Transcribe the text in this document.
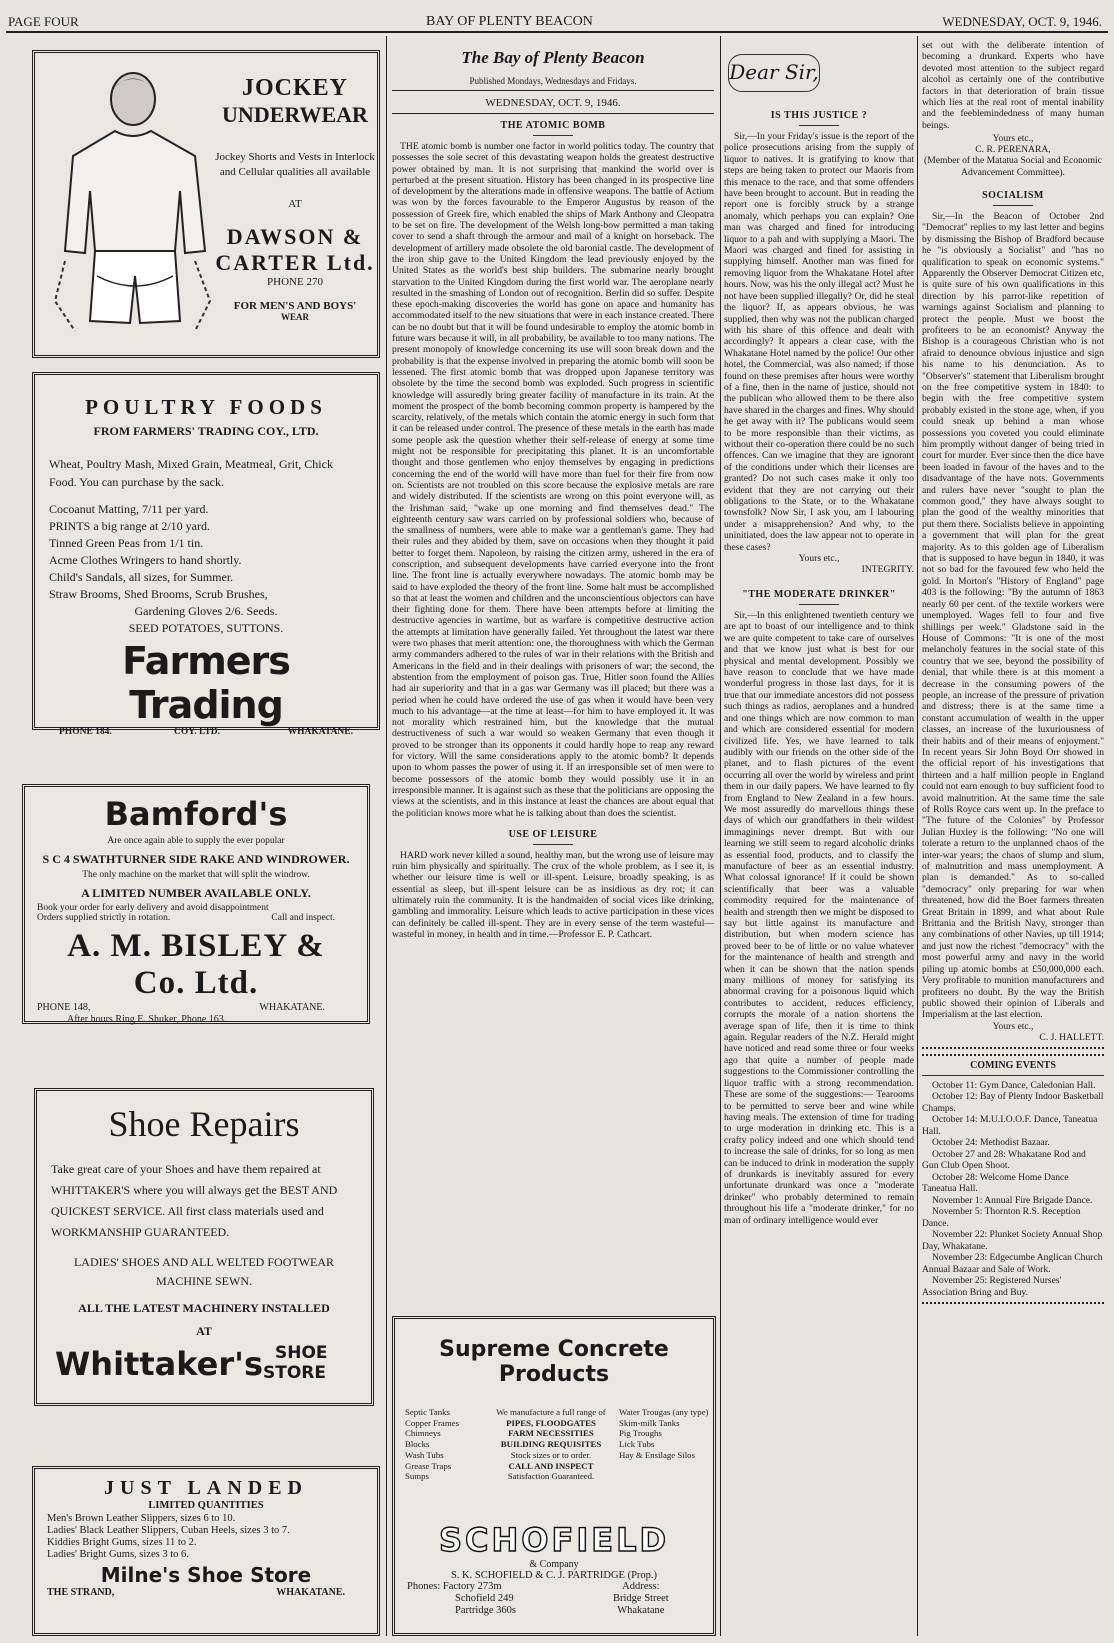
PAGE FOUR	BAY OF PLENTY BEACON	WEDNESDAY, OCT. 9, 1946.
JOCKEY
UNDERWEAR
Jockey Shorts and Vests in Interlock and Cellular qualities all available
AT
DAWSON &
CARTER Ltd.
PHONE 270
FOR MEN'S AND BOYS'
WEAR
POULTRY FOODS
FROM FARMERS' TRADING COY., LTD.
Wheat, Poultry Mash, Mixed Grain, Meatmeal, Grit, Chick Food. You can purchase by the sack.
Cocoanut Matting, 7/11 per yard.
PRINTS a big range at 2/10 yard.
Tinned Green Peas from 1/1 tin.
Acme Clothes Wringers to hand shortly.
Child's Sandals, all sizes, for Summer.
Straw Brooms, Shed Brooms, Scrub Brushes,
Gardening Gloves 2/6. Seeds.
SEED POTATOES, SUTTONS.
Farmers Trading
PHONE 184.	COY. LTD.	WHAKATANE.
Bamford's
Are once again able to supply the ever popular
S C 4 SWATHTURNER SIDE RAKE AND WINDROWER.
The only machine on the market that will split the windrow.
A LIMITED NUMBER AVAILABLE ONLY.
Book your order for early delivery and avoid disappointment
Orders supplied strictly in rotation.	Call and inspect.
A. M. BISLEY & Co. Ltd.
PHONE 148,	WHAKATANE.
After hours Ring E. Shuker, Phone 163.
Shoe Repairs
Take great care of your Shoes and have them repaired at WHITTAKER'S where you will always get the BEST AND QUICKEST SERVICE. All first class materials used and WORKMANSHIP GUARANTEED.
LADIES' SHOES AND ALL WELTED FOOTWEAR MACHINE SEWN.
ALL THE LATEST MACHINERY INSTALLED
AT
Whittaker's SHOE
STORE
JUST LANDED
LIMITED QUANTITIES
Men's Brown Leather Slippers, sizes 6 to 10.
Ladies' Black Leather Slippers, Cuban Heels, sizes 3 to 7.
Kiddies Bright Gums, sizes 11 to 2.
Ladies' Bright Gums, sizes 3 to 6.
Milne's Shoe Store
THE STRAND,	WHAKATANE.
The Bay of Plenty Beacon
Published Mondays, Wednesdays and Fridays.
WEDNESDAY, OCT. 9, 1946.
THE ATOMIC BOMB
THE atomic bomb is number one factor in world politics today. The country that possesses the sole secret of this devastating weapon holds the greatest destructive power obtained by man. It is not surprising that mankind the world over is perturbed at the present situation. History has been changed in its prospective line of development by the alterations made in offensive weapons. The battle of Actium was won by the forces favourable to the Emperor Augustus by reason of the possession of Greek fire, which enabled the ships of Mark Anthony and Cleopatra to be set on fire. The development of the Welsh long-bow permitted a man taking cover to send a shaft through the armour and mail of a knight on horseback. The development of artillery made obsolete the old baronial castle. The development of the iron ship gave to the United Kingdom the lead previously enjoyed by the United States as the world's best ship builders. The submarine nearly brought starvation to the United Kingdom during the first world war. The aeroplane nearly resulted in the smashing of London out of recognition. Berlin did so suffer. Despite these epoch-making discoveries the world has gone on apace and humanity has accommodated itself to the new situations that were in each instance created. There can be no doubt but that it will be found undesirable to employ the atomic bomb in future wars because it will, in all probability, be available to too many nations. The present monopoly of knowledge concerning its use will soon break down and the probability is that the expense involved in preparing the atomic bomb will soon be lessened. The first atomic bomb that was dropped upon Japanese territory was obsolete by the time the second bomb was exploded. Such progress in scientific knowledge will assuredly bring greater facility of manufacture in its train. At the moment the prospect of the bomb becoming common property is hampered by the scarcity, relatively, of the metals which contain the atomic energy in such form that it can be released under control. The presence of these metals in the earth has made some people ask the question whether their self-release of energy at some time might not be responsible for precipitating this planet. It is an uncomfortable thought and those gentlemen who enjoy themselves by engaging in predictions concerning the end of the world will have more than fuel for their fire from now on. Scientists are not troubled on this score because the explosive metals are rare and widely distributed. If the scientists are wrong on this point everyone will, as the Irishman said, "wake up one morning and find themselves dead." The eighteenth century saw wars carried on by professional soldiers who, because of the smallness of numbers, were able to make war a gentleman's game. They had their rules and they abided by them, save on occasions when they thought it paid better to forget them. Napoleon, by raising the citizen army, ushered in the era of conscription, and subsequent developments have carried everyone into the front line. The front line is actually everywhere nowadays. The atomic bomb may be said to have exploded the theory of the front line. Some halt must be accomplished so that at least the women and children and the unconscientious objectors can have their fighting done for them. There have been attempts before at limiting the destructive agencies in wartime, but as warfare is competitive destructive action the attempts at limitation have generally failed. Yet throughout the latest war there were two phases that merit attention: one, the thoroughness with which the German army commanders adhered to the rules of war in their relations with the British and Americans in the field and in their dealings with prisoners of war; the second, the abstention from the employment of poison gas. True, Hitler soon found the Allies had air superiority and that in a gas war Germany was ill placed; but there was a period when he could have ordered the use of gas when it would have been very much to his advantage—at the time at least—for him to have employed it. It was not morality which restrained him, but the knowledge that the mutual destructiveness of such a war would so weaken Germany that even though it proved to be stronger than its opponents it could hardly hope to reap any reward for victory. Will the same considerations apply to the atomic bomb? It depends upon to whom passes the power of using it. If an irresponsible set of men were to become possessors of the atomic bomb they would possibly use it in an irresponsible manner. It is against such as these that the politicians are opposing the views at the scientists, and in this instance at least the chances are about equal that the politician knows more what he is talking about than does the scientist.
USE OF LEISURE
HARD work never killed a sound, healthy man, but the wrong use of leisure may ruin him physically and spiritually. The crux of the whole problem, as I see it, is whether our leisure time is well or ill-spent. Leisure, broadly speaking, is as essential as sleep, but ill-spent leisure can be as insidious as dry rot; it can ultimately ruin the community. It is the handmaiden of social vices like drinking, gambling and immorality. Leisure which leads to active participation in these vices can definitely be called ill-spent. They are in every sense of the term wasteful—wasteful in money, in health and in time.—Professor E. P. Cathcart.
Supreme Concrete
Products
Septic Tanks
Copper Frames
Chimneys
Blocks
Wash Tubs
Grease Traps
Sumps
We manufacture a full range of
PIPES, FLOODGATES
FARM NECESSITIES
BUILDING REQUISITES
Stock sizes or to order.
CALL AND INSPECT
Satisfaction Guaranteed.
Water Trougas (any type)
Skim-milk Tanks
Pig Troughs
Lick Tubs
Hay & Ensilage Silos
SCHOFIELD
& Company
S. K. SCHOFIELD & C. J. PARTRIDGE (Prop.)
Phones: Factory 273m
Schofield 249
Partridge 360s
Address:
Bridge Street
Whakatane
Dear Sir,
IS THIS JUSTICE ?
Sir,—In your Friday's issue is the report of the police prosecutions arising from the supply of liquor to natives. It is gratifying to know that steps are being taken to protect our Maoris from this menace to the race, and that some offenders have been brought to account. But in reading the report one is forcibly struck by a strange anomaly, which perhaps you can explain? One man was charged and fined for introducing liquor to a pah and with supplying a Maori. The Maori was charged and fined for assisting in supplying himself. Another man was fined for removing liquor from the Whakatane Hotel after hours. Now, was his the only illegal act? Must he not have been supplied illegally? Or, did he steal the liquor? If, as appears obvious, he was supplied, then why was not the publican charged with his share of this offence and dealt with accordingly? It appears a clear case, with the Whakatane Hotel named by the police! Our other hotel, the Commercial, was also named; if those found on these premises after hours were worthy of a fine, then in the name of justice, should not the publican who allowed them to be there also have shared in the charges and fines. Why should he get away with it? The publicans would seem to be more responsible than their victims, as without their co-operation there could be no such offences. Can we imagine that they are ignorant of the conditions under which their licenses are granted? Do not such cases make it only too evident that they are not carrying out their obligations to the State, or to the Whakatane townsfolk? Now Sir, I ask you, am I labouring under a misapprehension? And why, to the uninitiated, does the law appear not to operate in these cases?
Yours etc.,
INTEGRITY.
"THE MODERATE DRINKER"
Sir,—In this enlightened twentieth century we are apt to boast of our intelligence and to think we are quite competent to take care of ourselves and that we know just what is best for our physical and mental development. Possibly we have reason to conclude that we have made wonderful progress in those last days, for it is true that our immediate ancestors did not possess such things as radios, aeroplanes and a hundred and one things which are now common to man and which are considered essential for modern civilized life. Yes, we have learned to talk audibly with our friends on the other side of the planet, and to flash pictures of the event occurring all over the world by wireless and print them in our daily papers. We have learned to fly from England to New Zealand in a few hours. We most assuredly do marvellous things these days of which our grandfathers in their wildest immaginings never drempt. But with our learning we still seem to regard alcoholic drinks as essential food, products, and to classify the manufacture of beer as an essential industry. What colossal ignorance! If it could be shown scientifically that beer was a valuable commodity required for the maintenance of health and strength then we might be disposed to say but little against its manufacture and distribution, but when modern science has proved beer to be of little or no value whatever for the maintenance of health and strength and when it can be shown that the nation spends many millions of money for satisfying its abnormal craving for a poisonous liquid which contributes to accident, reduces efficiency, corrupts the morale of a nation shortens the average span of life, then it is time to think again. Regular readers of the N.Z. Herald might have noticed and read some three or four weeks ago that quite a number of people made suggestions to the Commissioner controlling the liquor traffic with a strong recommendation. These are some of the suggestions:— Tearooms to be permitted to serve beer and wine while having meals. The extension of time for trading to urge moderation in drinking etc. This is a crafty policy indeed and one which should tend to increase the sale of drinks, for so long as men can be induced to drink in moderation the supply of drunkards is inevitably assured for every unfortunate drunkard was once a "moderate drinker" who probably determined to remain throughout his life a "moderate drinker," for no man of ordinary intelligence would ever
set out with the deliberate intention of becoming a drunkard. Experts who have devoted most attention to the subject regard alcohol as certainly one of the contributive factors in that deterioration of brain tissue which lies at the real root of mental inability and the feeblemindedness of many human beings.
Yours etc.,
C. R. PERENARA,
(Member of the Matatua Social and Economic Advancement Committee).
SOCIALISM
Sir,—In the Beacon of October 2nd "Democrat" replies to my last letter and begins by dismissing the Bishop of Bradford because he "is obviously a Socialist" and "has no qualification to speak on economic systems." Apparently the Observer Democrat Citizen etc, is quite sure of his own qualifications in this direction by his parrot-like repetition of warnings against Socialism and planning to protect the people. Must we boost the profiteers to be an economist? Anyway the Bishop is a courageous Christian who is not afraid to denounce obvious injustice and sign his name to his denunciation. As to "Observer's" statement that Liberalism brought on the free competitive system in 1840: to begin with the free competitive system probably existed in the stone age, when, if you could sneak up behind a man whose possessions you coveted you could eliminate him promptly without danger of being tried in court for murder. Ever since then the dice have been loaded in favour of the haves and to the disadvantage of the have nots. Governments and rulers have never "sought to plan the common good," they have always sought to plan the good of the wealthy minorities that put them there. Socialists believe in appointing a government that will plan for the great majority. As to this golden age of Liberalism that is supposed to have begun in 1840, it was not so bad for the favoured few who held the gold. In Morton's "History of England" page 403 is the following: "By the autumn of 1863 nearly 60 per cent. of the textile workers were unemployed. Wages fell to four and five shillings per week." Gladstone said in the House of Commons: "It is one of the most melancholy features in the social state of this country that we see, beyond the possibility of denial, that while there is at this moment a decrease in the consuming powers of the people, an increase of the pressure of privation and distress; there is at the same time a constant accumulation of wealth in the upper classes, an increase of the luxuriousness of their habits and of their means of enjoyment." In recent years Sir John Boyd Orr showed in the official report of his investigations that thirteen and a half million people in England could not earn enough to buy sufficient food to avoid malnutrition. At the same time the sale of Rolls Royce cars went up. In the preface to "The future of the Colonies" by Professor Julian Huxley is the following: "No one will tolerate a return to the unplanned chaos of the inter-war years; the chaos of slump and slum, of malnutrition and mass unemployment. A plan is demanded." As to so-called "democracy" only preparing for war when threatened, how did the Boer farmers threaten Great Britain in 1899, and what about Rule Brittania and the British Navy, stronger than any combinations of other Navies, up till 1914; and just now the richest "democracy" with the most powerful army and navy in the world piling up atomic bombs at £50,000,000 each. Very profitable to munition manufacturers and profiteers no doubt. By the way the British public showed their opinion of Liberals and Imperialism at the last election.
Yours etc.,
C. J. HALLETT.
COMING EVENTS

October 11: Gym Dance, Caledonian Hall.

October 12: Bay of Plenty Indoor Basketball Champs.

October 14: M.U.I.O.O.F. Dance, Taneatua Hall.

October 24: Methodist Bazaar.

October 27 and 28: Whakatane Rod and Gun Club Open Shoot.

October 28: Welcome Home Dance Taneatua Hall.

November 1: Annual Fire Brigade Dance.

November 5: Thornton R.S. Reception Dance.

November 22: Plunket Society Annual Shop Day, Whakatane.

November 23: Edgecumbe Anglican Church Annual Bazaar and Sale of Work.

November 25: Registered Nurses' Association Bring and Buy.
